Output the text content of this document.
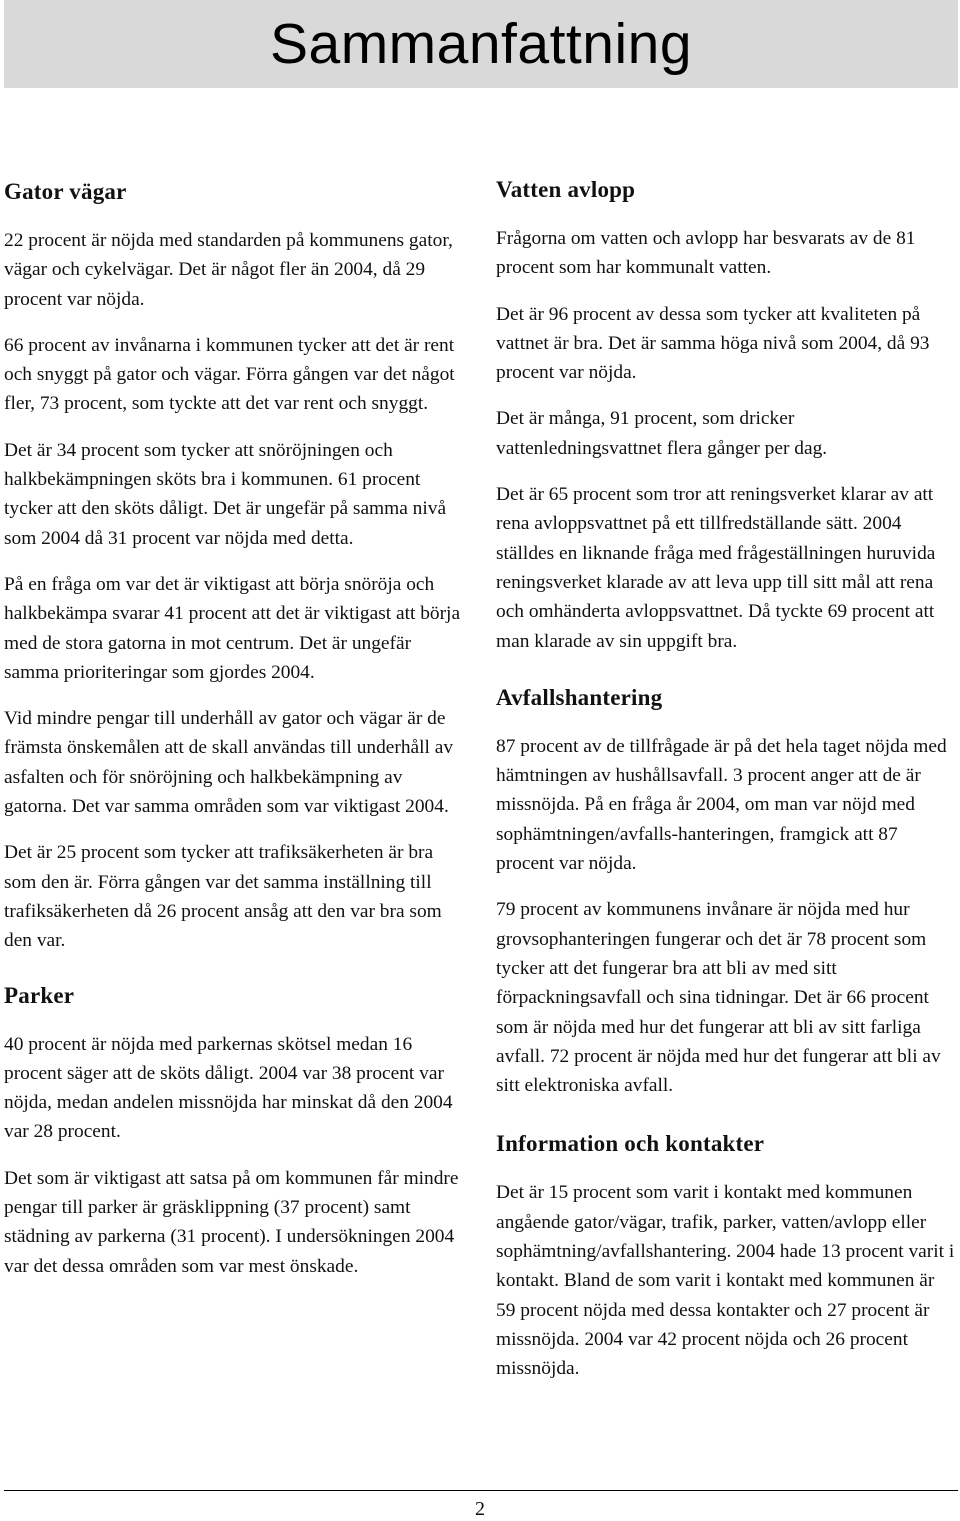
Sammanfattning
Gator vägar

22 procent är nöjda med standarden på kommunens gator, vägar och cykelvägar. Det är något fler än 2004, då 29 procent var nöjda.

66 procent av invånarna i kommunen tycker att det är rent och snyggt på gator och vägar. Förra gången var det något fler, 73 procent, som tyckte att det var rent och snyggt.

Det är 34 procent som tycker att snöröjningen och halkbekämpningen sköts bra i kommunen. 61 procent tycker att den sköts dåligt. Det är ungefär på samma nivå som 2004 då 31 procent var nöjda med detta.

På en fråga om var det är viktigast att börja snöröja och halkbekämpa svarar 41 procent att det är viktigast att börja med de stora gatorna in mot centrum. Det är ungefär samma prioriteringar som gjordes 2004.

Vid mindre pengar till underhåll av gator och vägar är de främsta önskemålen att de skall användas till underhåll av asfalten och för snöröjning och halkbekämpning av gatorna. Det var samma områden som var viktigast 2004.

Det är 25 procent som tycker att trafiksäkerheten är bra som den är. Förra gången var det samma inställning till trafiksäkerheten då 26 procent ansåg att den var bra som den var.

Parker

40 procent är nöjda med parkernas skötsel medan 16 procent säger att de sköts dåligt. 2004 var 38 procent var nöjda, medan andelen missnöjda har minskat då den 2004 var 28 procent.

Det som är viktigast att satsa på om kommunen får mindre pengar till parker är gräsklippning (37 procent) samt städning av parkerna (31 procent). I undersökningen 2004 var det dessa områden som var mest önskade.

Vatten avlopp

Frågorna om vatten och avlopp har besvarats av de 81 procent som har kommunalt vatten.

Det är 96 procent av dessa som tycker att kvaliteten på vattnet är bra. Det är samma höga nivå som 2004, då 93 procent var nöjda.

Det är många, 91 procent, som dricker vattenledningsvattnet flera gånger per dag.

Det är 65 procent som tror att reningsverket klarar av att rena avloppsvattnet på ett tillfredställande sätt. 2004 ställdes en liknande fråga med frågeställningen huruvida reningsverket klarade av att leva upp till sitt mål att rena och omhänderta avloppsvattnet. Då tyckte 69 procent att man klarade av sin uppgift bra.

Avfallshantering

87 procent av de tillfrågade är på det hela taget nöjda med hämtningen av hushållsavfall. 3 procent anger att de är missnöjda. På en fråga år 2004, om man var nöjd med sophämtningen/avfalls-hanteringen, framgick att 87 procent var nöjda.

79 procent av kommunens invånare är nöjda med hur grovsophanteringen fungerar och det är 78 procent som tycker att det fungerar bra att bli av med sitt förpackningsavfall och sina tidningar. Det är 66 procent som är nöjda med hur det fungerar att bli av sitt farliga avfall. 72 procent är nöjda med hur det fungerar att bli av sitt elektroniska avfall.

Information och kontakter

Det är 15 procent som varit i kontakt med kommunen angående gator/vägar, trafik, parker, vatten/avlopp eller sophämtning/avfallshantering. 2004 hade 13 procent varit i kontakt. Bland de som varit i kontakt med kommunen är 59 procent nöjda med dessa kontakter och 27 procent är missnöjda. 2004 var 42 procent nöjda och 26 procent missnöjda.

2
